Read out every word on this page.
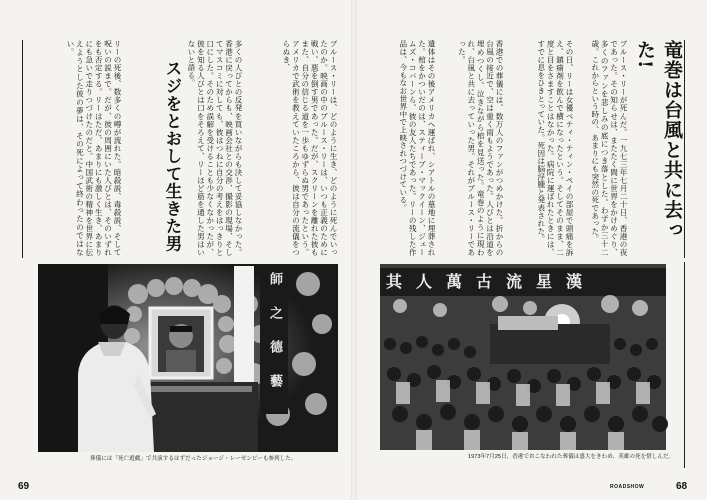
リーの死後、数多くの噂が流れた。暗殺説、毒殺説、そして呪いの説まで。だが、彼の周囲にいた人びとは、そのいずれをも否定する。リーはただ、あまりにも激しく生き、あまりにも急いで走りつづけたのだと。中国武術の精神を世界に伝えようとした彼の夢は、その死によって終わったのではない。	多くの人びとの反発を買いながらも決して妥協しなかった。香港に戻ってからも、映画会社との交渉、撮影の現場、そしてマスコミに対しても、彼はつねに自分の考えをはっきりと口にした。そのため誤解を受けることも少なくなかったが、彼を知る人びとは口をそろえて、リーほど筋を通した男はいないと語る。	ブルース・リーは、どのように生き、どのように死んでいったのか。映画の中のブルース・リーは、いつも正義のために戦い、悪を倒す男であった。だが、スクリーンを離れた彼もまた、自分の信じる道を一歩もゆずらぬ男であったという。アメリカで武術を教えていたころから、彼は自分の流儀をつらぬき、
スジをとおして生きた男
師　之　德　藝
葬儀には「死亡遊戯」で共演するはずだったジョージ・レーゼンビーも参列した。
69
竜巻は台風と共に去った!
ブルース・リーが死んだ。一九七三年七月二十日、香港の夜であった。その知らせは、またたく間に世界をかけめぐり、多くのファンを悲しみの底につき落とした。わずか三十二歳。これからという時の、あまりにも突然の死であった。
その日、リーは女優ベティ・ティン・ペイの部屋で頭痛を訴え、鎮痛剤を飲んで横になったという。そしてそのまま、二度と目をさますことはなかった。病院に運ばれたときには、すでに息をひきとっていた。死因は脳浮腫と発表された。
香港での葬儀には、数万人のファンがつめかけた。折からの台風の接近で、空は重く雨もようであった。人びとは沿道を埋めつくし、泣きながら棺を見送った。竜巻のように現われ、台風と共に去っていった男。それがブルース・リーであった。
遺体はその後アメリカへ運ばれ、シアトルの墓地に埋葬された。棺をかついだのは、スティーブ・マックイーン、ジェームズ・コバーンら、彼の友人たちであった。リーの残した作品は、今もなお世界中で上映されつづけている。
其人萬古流星漢
1973年7月25日、香港でおこなわれた葬儀は盛大をきわめ、英雄の死を惜しんだ。
ROADSHOW	68
